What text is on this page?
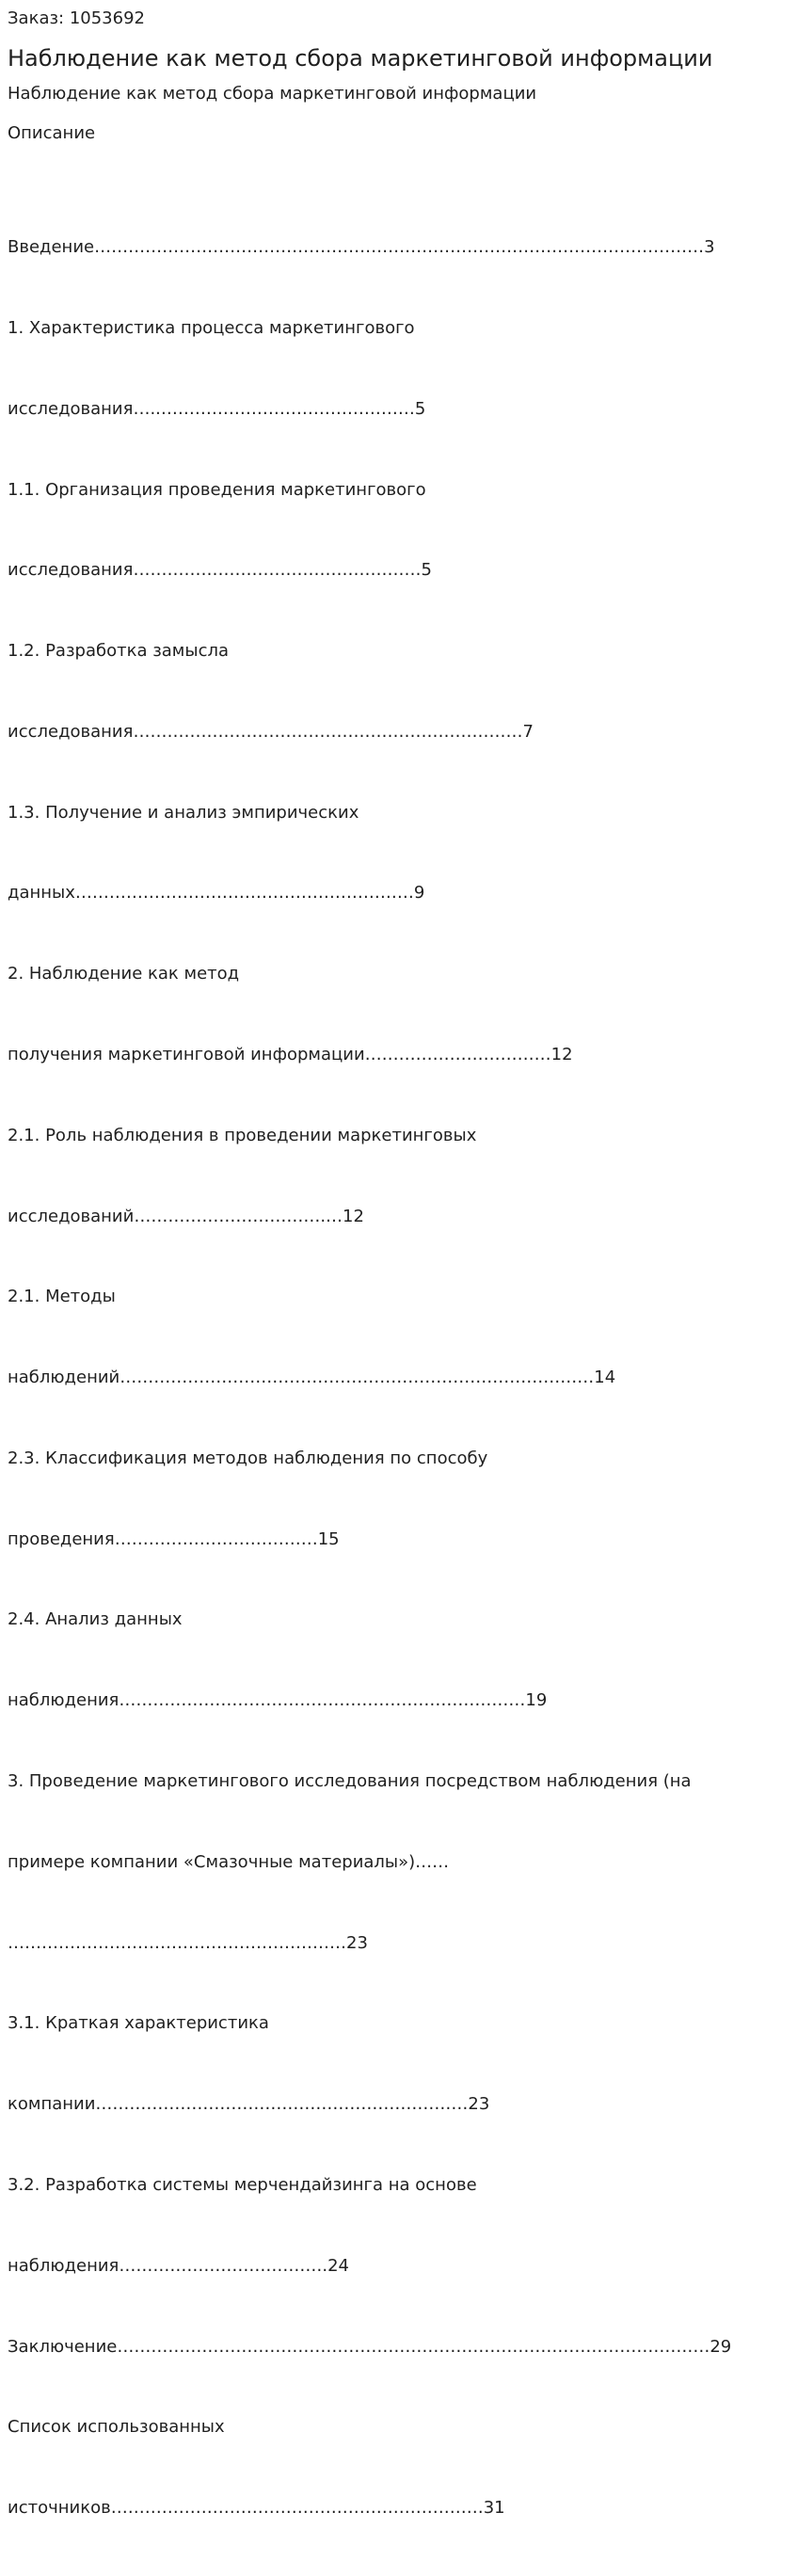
Заказ: 1053692

Наблюдение как метод сбора маркетинговой информации

Наблюдение как метод сбора маркетинговой информации

Описание

Введение………………………………………………………………………………………………3

1. Характеристика процесса маркетингового

исследования…..………………………………………5

1.1. Организация проведения маркетингового

исследования……………………………………………5

1.2. Разработка замысла

исследования……………………………………………………………7

1.3. Получение и анализ эмпирических

данных……………………………………………………9

2. Наблюдение как метод

получения маркетинговой информации……………………………12

2.1. Роль наблюдения в проведении маркетинговых

исследований…………………………….…12

2.1. Методы

наблюдений…………………………………………………………………………14

2.3. Классификация методов наблюдения по способу

проведения………………………………15

2.4. Анализ данных

наблюдения………………………………………………………………19

3. Проведение маркетингового исследования посредством наблюдения (на

примере компании «Смазочные материалы»)……

……………………………………………………23

3.1. Краткая характеристика

компании…………………………………………………………23

3.2. Разработка системы мерчендайзинга на основе

наблюдения……………………………….24

Заключение……………………………………………………………………………………………29

Список использованных

источников…………………………………………………………31
